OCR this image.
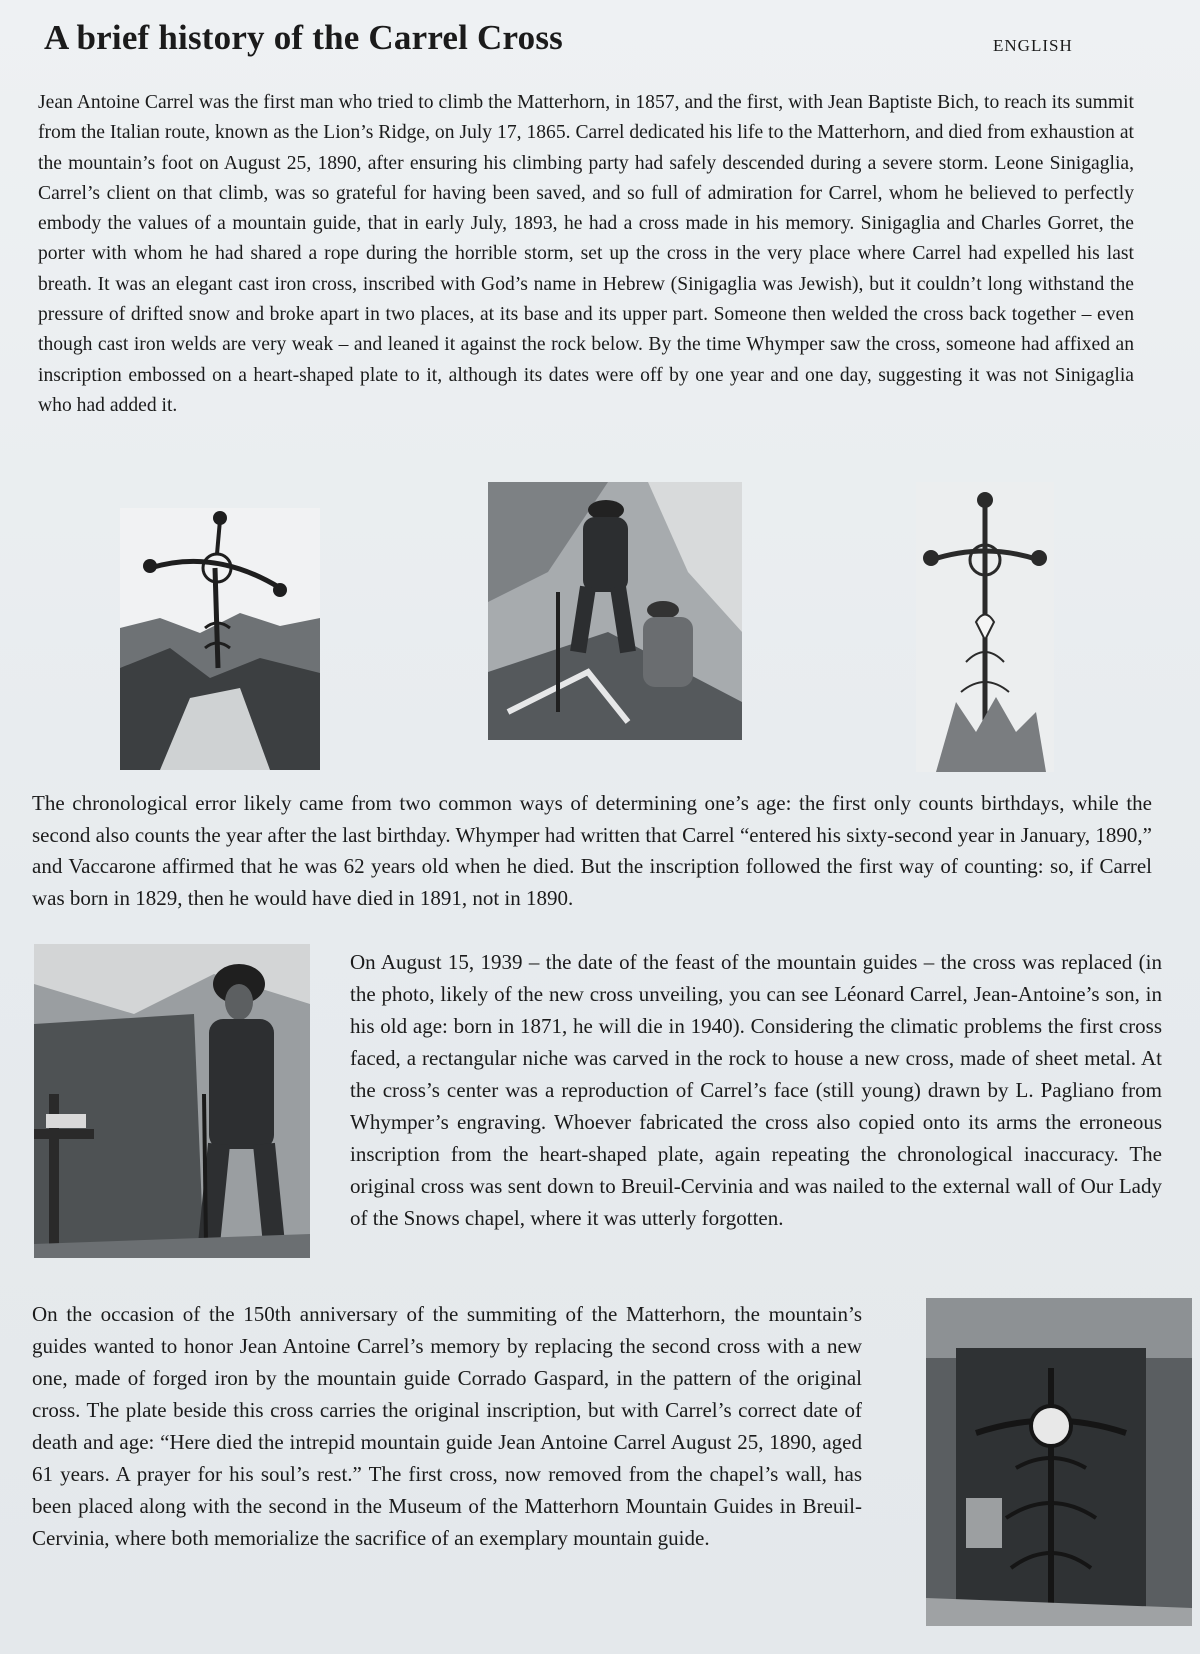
A brief history of the Carrel Cross	ENGLISH

Jean Antoine Carrel was the first man who tried to climb the Matterhorn, in 1857, and the first, with Jean Baptiste Bich, to reach its summit from the Italian route, known as the Lion’s Ridge, on July 17, 1865. Carrel dedicated his life to the Matterhorn, and died from exhaustion at the mountain’s foot on August 25, 1890, after ensuring his climbing party had safely descended during a severe storm. Leone Sinigaglia, Carrel’s client on that climb, was so grateful for having been saved, and so full of admiration for Carrel, whom he believed to perfectly embody the values of a mountain guide, that in early July, 1893, he had a cross made in his memory. Sinigaglia and Charles Gorret, the porter with whom he had shared a rope during the horrible storm, set up the cross in the very place where Carrel had expelled his last breath. It was an elegant cast iron cross, inscribed with God’s name in Hebrew (Sinigaglia was Jewish), but it couldn’t long withstand the pressure of drifted snow and broke apart in two places, at its base and its upper part. Someone then welded the cross back together – even though cast iron welds are very weak – and leaned it against the rock below. By the time Whymper saw the cross, someone had affixed an inscription embossed on a heart-shaped plate to it, although its dates were off by one year and one day, suggesting it was not Sinigaglia who had added it.

The chronological error likely came from two common ways of determining one’s age: the first only counts birthdays, while the second also counts the year after the last birthday. Whymper had written that Carrel “entered his sixty-second year in January, 1890,” and Vaccarone affirmed that he was 62 years old when he died. But the inscription followed the first way of counting: so, if Carrel was born in 1829, then he would have died in 1891, not in 1890.

On August 15, 1939 – the date of the feast of the mountain guides – the cross was replaced (in the photo, likely of the new cross unveiling, you can see Léonard Carrel, Jean-Antoine’s son, in his old age: born in 1871, he will die in 1940). Considering the climatic problems the first cross faced, a rectangular niche was carved in the rock to house a new cross, made of sheet metal. At the cross’s center was a reproduction of Carrel’s face (still young) drawn by L. Pagliano from Whymper’s engraving. Whoever fabricated the cross also copied onto its arms the erroneous inscription from the heart-shaped plate, again repeating the chronological inaccuracy. The original cross was sent down to Breuil-Cervinia and was nailed to the external wall of Our Lady of the Snows chapel, where it was utterly forgotten.

On the occasion of the 150th anniversary of the summiting of the Matterhorn, the mountain’s guides wanted to honor Jean Antoine Carrel’s memory by replacing the second cross with a new one, made of forged iron by the mountain guide Corrado Gaspard, in the pattern of the original cross. The plate beside this cross carries the original inscription, but with Carrel’s correct date of death and age: “Here died the intrepid mountain guide Jean Antoine Carrel August 25, 1890, aged 61 years. A prayer for his soul’s rest.” The first cross, now removed from the chapel’s wall, has been placed along with the second in the Museum of the Matterhorn Mountain Guides in Breuil-Cervinia, where both memorialize the sacrifice of an exemplary mountain guide.
